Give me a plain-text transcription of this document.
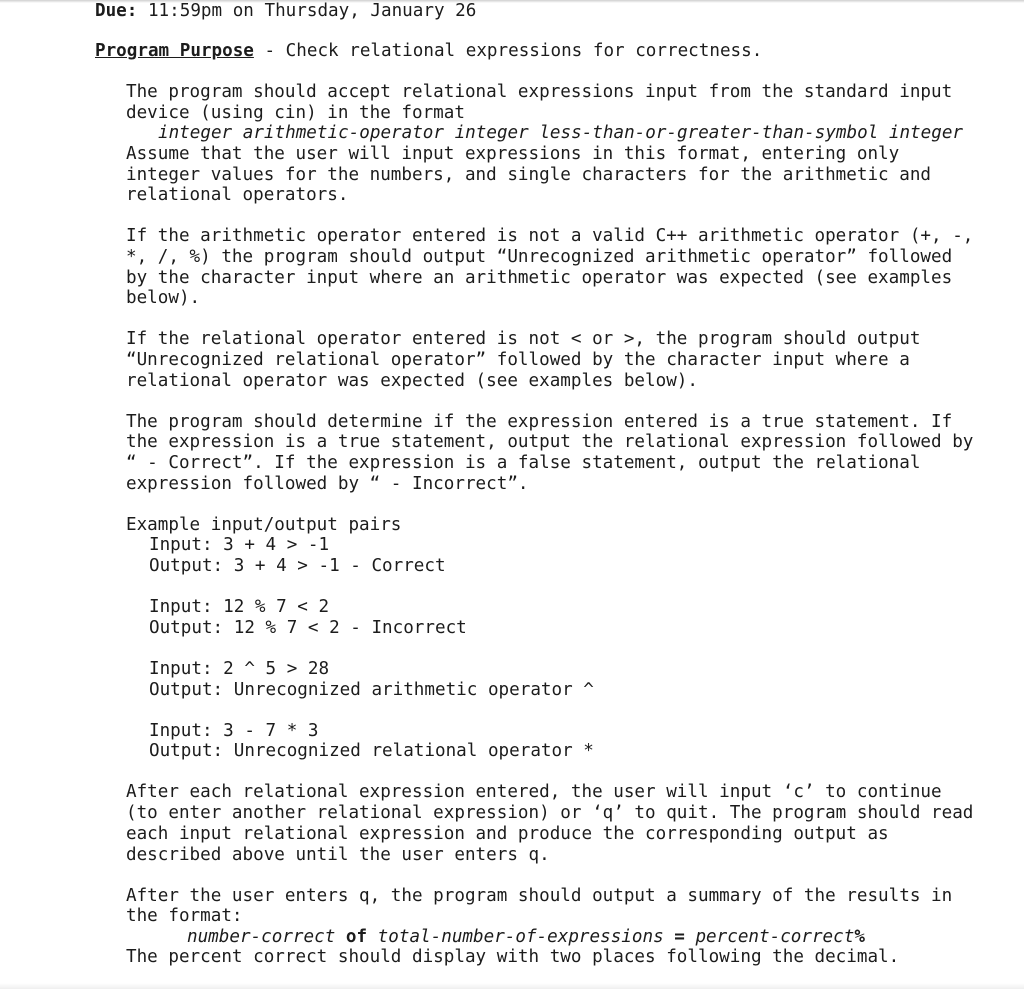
Due: 11:59pm on Thursday, January 26
Program Purpose - Check relational expressions for correctness.
The program should accept relational expressions input from the standard input
device (using cin) in the format
integer arithmetic-operator integer less-than-or-greater-than-symbol integer
Assume that the user will input expressions in this format, entering only
integer values for the numbers, and single characters for the arithmetic and
relational operators.
If the arithmetic operator entered is not a valid C++ arithmetic operator (+, -,
*, /, %) the program should output “Unrecognized arithmetic operator” followed
by the character input where an arithmetic operator was expected (see examples
below).
If the relational operator entered is not < or >, the program should output
“Unrecognized relational operator” followed by the character input where a
relational operator was expected (see examples below).
The program should determine if the expression entered is a true statement. If
the expression is a true statement, output the relational expression followed by
“ - Correct”. If the expression is a false statement, output the relational
expression followed by “ - Incorrect”.
Example input/output pairs
Input: 3 + 4 > -1
Output: 3 + 4 > -1 - Correct
Input: 12 % 7 < 2
Output: 12 % 7 < 2 - Incorrect
Input: 2 ^ 5 > 28
Output: Unrecognized arithmetic operator ^
Input: 3 - 7 * 3
Output: Unrecognized relational operator *
After each relational expression entered, the user will input ‘c’ to continue
(to enter another relational expression) or ‘q’ to quit. The program should read
each input relational expression and produce the corresponding output as
described above until the user enters q.
After the user enters q, the program should output a summary of the results in
the format:
number-correct of total-number-of-expressions = percent-correct%
The percent correct should display with two places following the decimal.
